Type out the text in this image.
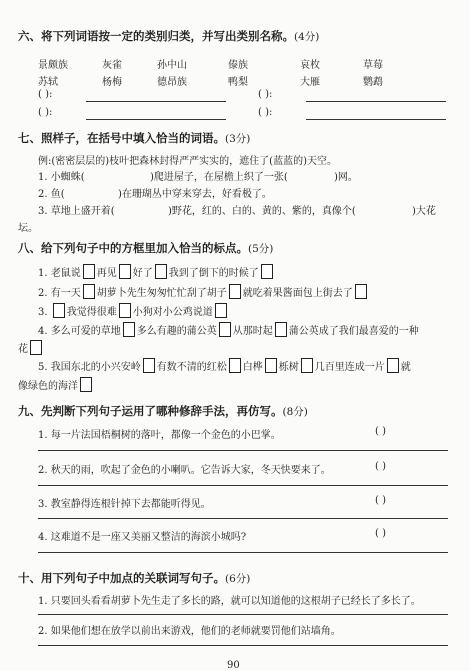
六、将下列词语按一定的类别归类，并写出类别名称。(4分)
景颇族	灰雀	孙中山	傣族	哀枚	草莓
苏轼	杨梅	德昂族	鸭梨	大雁	鹦鹉
( ):	( ):
( ):	( ):
七、照样子，在括号中填入恰当的词语。(3分)
例:(密密层层的)枝叶把森林封得严严实实的，遮住了(蓝蓝的)天空。
1. 小蜘蛛(	)爬进屋子，在屋檐上织了一张(	)网。
2. 鱼(	)在珊瑚丛中穿来穿去，好看极了。
3. 草地上盛开着(	)野花，红的、白的、黄的、紫的，真像个(	)大花
坛。
八、给下列句子中的方框里加入恰当的标点。(5分)
1. 老鼠说 再见 好了 我到了倒下的时候了
2. 有一天 胡萝卜先生匆匆忙忙刮了胡子 就吃着果酱面包上街去了
3. 我觉得很难 小狗对小公鸡说道
4. 多么可爱的草地 多么有趣的蒲公英 从那时起 蒲公英成了我们最喜爱的一种
花
5. 我国东北的小兴安岭 有数不清的红松 白桦 栎树 几百里连成一片 就
像绿色的海洋
九、先判断下列句子运用了哪种修辞手法，再仿写。(8分)
1. 每一片法国梧桐树的落叶，都像一个金色的小巴掌。	( )
2. 秋天的雨，吹起了金色的小喇叭。它告诉大家，冬天快要来了。	( )
3. 教室静得连根针掉下去都能听得见。	( )
4. 这难道不是一座又美丽又整洁的海滨小城吗?	( )
十、用下列句子中加点的关联词写句子。(6分)
1. 只要回头看看胡萝卜先生走了多长的路，就可以知道他的这根胡子已经长了多长了。
2. 如果他们想在放学以前出来游戏，他们的老师就要罚他们站墙角。
90
